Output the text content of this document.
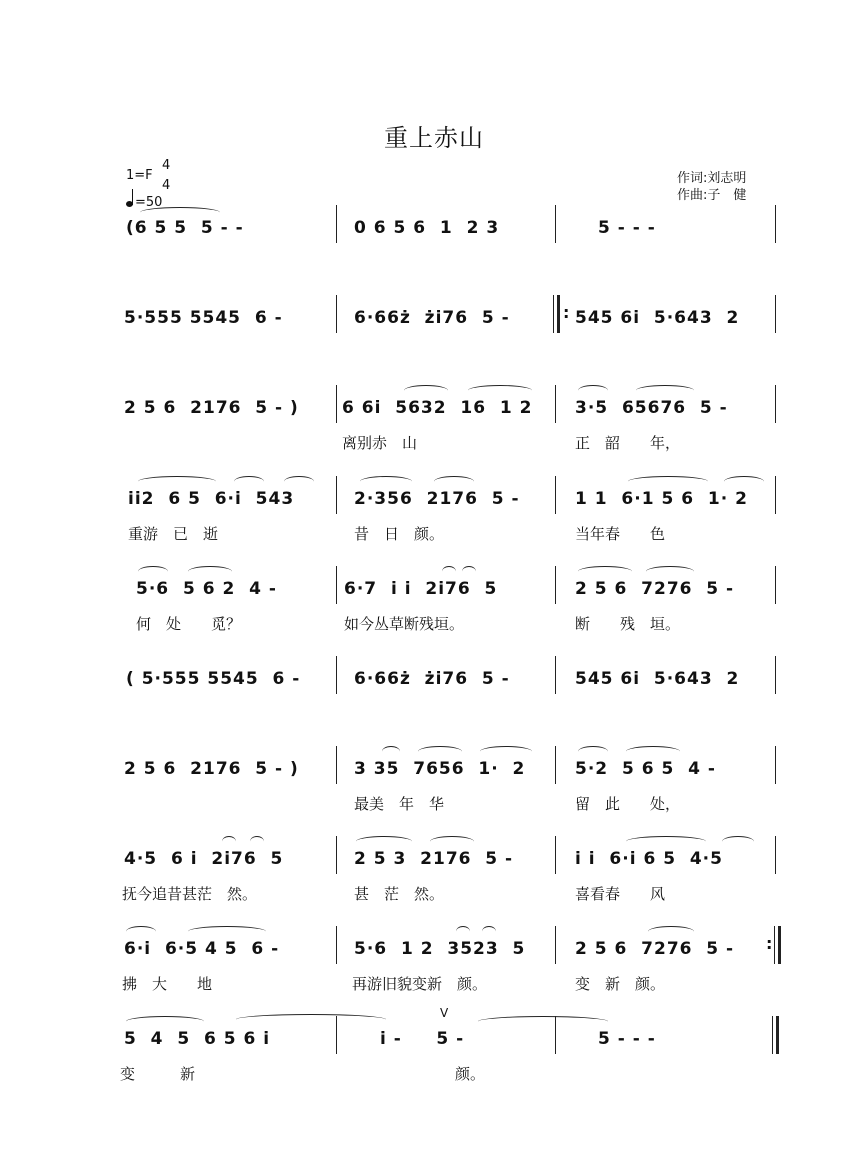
重上赤山
1=F
4
4
=50
作词:刘志明
作曲:子　健
(6 5 5  5 - -	0 6 5 6  1  2 3	5 - - -
5·555 5545  6 -	6·66ż  żi76  5 -	: 545 6i  5·643  2
2 5 6  2176  5 - )	6 6i  5632  16  1 2
离别赤　山
3·5  65676  5 -
正　韶　　年，
ii2  6 5  6·i  543
重游　已　逝
2·356  2176  5 -
昔　日　颜。
1 1  6·1 5 6  1· 2
当年春　　色
5·6  5 6 2  4 -
何　处　　觅？
6·7  i i  2i76  5
如今丛草断残垣。
2 5 6  7276  5 -
断　　残　垣。
( 5·555 5545  6 -	6·66ż  żi76  5 -	545 6i  5·643  2
2 5 6  2176  5 - )	3 35  7656  1·  2
最美　年　华
5·2  5 6 5  4 -
留　此　　处，
4·5  6 i  2i76  5
抚今追昔甚茫　然。
2 5 3  2176  5 -
甚　茫　然。
i i  6·i 6 5  4·5
喜看春　　风
6·i  6·5 4 5  6 -
拂　大　　地
5·6  1 2  3523  5
再游旧貌变新　颜。
2 5 6  7276  5 -
变　新　颜。
:
5  4  5  6 5 6 i
变　　　新
i -     5 -
　　　　　颜。
5 - - -
V
